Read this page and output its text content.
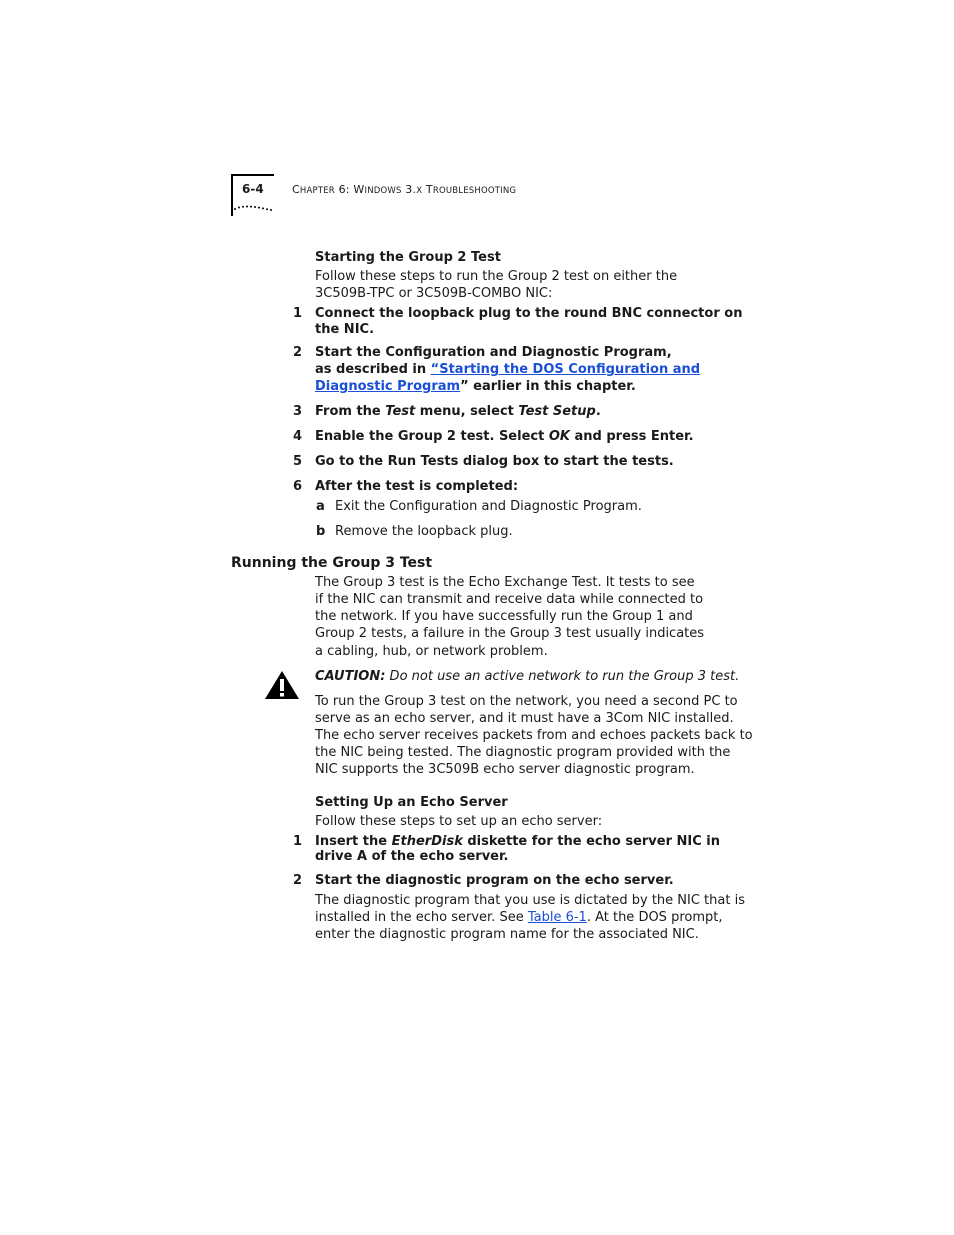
6-4	CHAPTER 6: WINDOWS 3.X TROUBLESHOOTING
Starting the Group 2 Test
Follow these steps to run the Group 2 test on either the
3C509B-TPC or 3C509B-COMBO NIC:
1 Connect the loopback plug to the round BNC connector on
the NIC.
2 Start the Configuration and Diagnostic Program,
as described in “Starting the DOS Configuration and
Diagnostic Program” earlier in this chapter.
3 From the Test menu, select Test Setup.
4 Enable the Group 2 test. Select OK and press Enter.
5 Go to the Run Tests dialog box to start the tests.
6 After the test is completed:
a Exit the Configuration and Diagnostic Program.
b Remove the loopback plug.
Running the Group 3 Test
The Group 3 test is the Echo Exchange Test. It tests to see
if the NIC can transmit and receive data while connected to
the network. If you have successfully run the Group 1 and
Group 2 tests, a failure in the Group 3 test usually indicates
a cabling, hub, or network problem.
CAUTION: Do not use an active network to run the Group 3 test.
To run the Group 3 test on the network, you need a second PC to
serve as an echo server, and it must have a 3Com NIC installed.
The echo server receives packets from and echoes packets back to
the NIC being tested. The diagnostic program provided with the
NIC supports the 3C509B echo server diagnostic program.
Setting Up an Echo Server
Follow these steps to set up an echo server:
1 Insert the EtherDisk diskette for the echo server NIC in
drive A of the echo server.
2 Start the diagnostic program on the echo server.
The diagnostic program that you use is dictated by the NIC that is
installed in the echo server. See Table 6-1. At the DOS prompt,
enter the diagnostic program name for the associated NIC.
